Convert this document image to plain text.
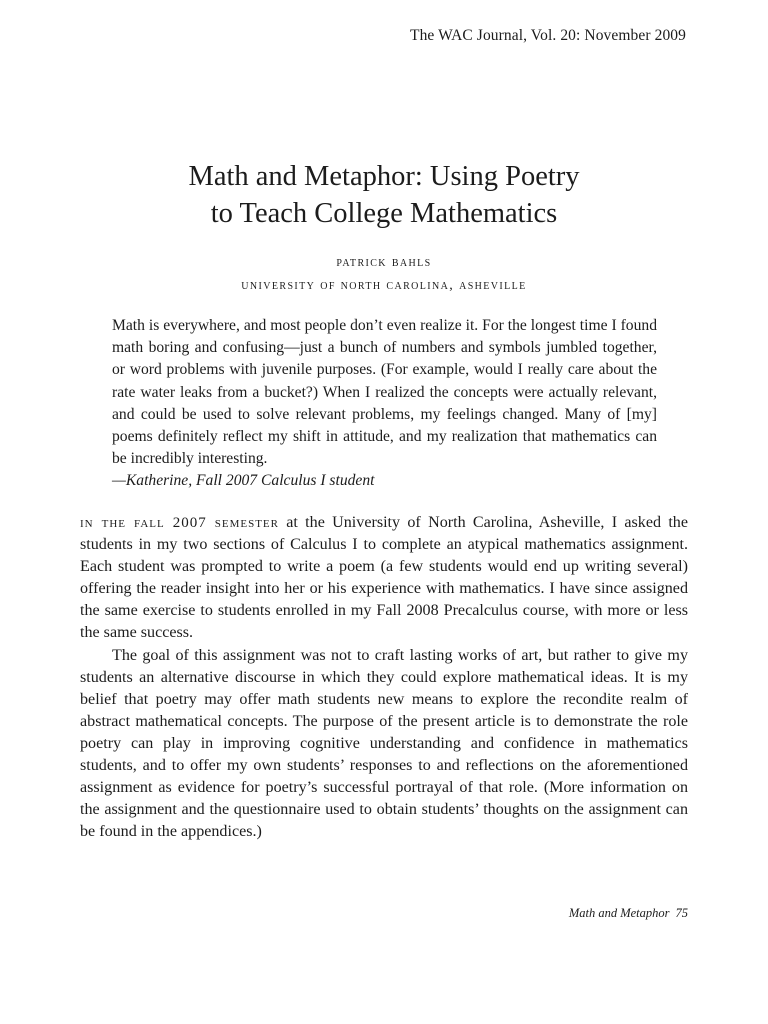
The WAC Journal, Vol. 20: November 2009
Math and Metaphor: Using Poetry
to Teach College Mathematics
patrick bahls
university of north carolina, asheville

Math is everywhere, and most people don’t even realize it. For the longest time I found math boring and confusing—just a bunch of numbers and symbols jumbled together, or word problems with juvenile purposes. (For example, would I really care about the rate water leaks from a bucket?) When I realized the concepts were actually relevant, and could be used to solve relevant problems, my feelings changed. Many of [my] poems definitely reflect my shift in attitude, and my realization that mathematics can be incredibly interesting.

—Katherine, Fall 2007 Calculus I student

in the fall 2007 semester at the University of North Carolina, Asheville, I asked the students in my two sections of Calculus I to complete an atypical mathematics assignment. Each student was prompted to write a poem (a few students would end up writing several) offering the reader insight into her or his experience with mathematics. I have since assigned the same exercise to students enrolled in my Fall 2008 Precalculus course, with more or less the same success.

The goal of this assignment was not to craft lasting works of art, but rather to give my students an alternative discourse in which they could explore mathematical ideas. It is my belief that poetry may offer math students new means to explore the recondite realm of abstract mathematical concepts. The purpose of the present article is to demonstrate the role poetry can play in improving cognitive understanding and confidence in mathematics students, and to offer my own students’ responses to and reflections on the aforementioned assignment as evidence for poetry’s successful portrayal of that role. (More information on the assignment and the questionnaire used to obtain students’ thoughts on the assignment can be found in the appendices.)

Math and Metaphor 75
